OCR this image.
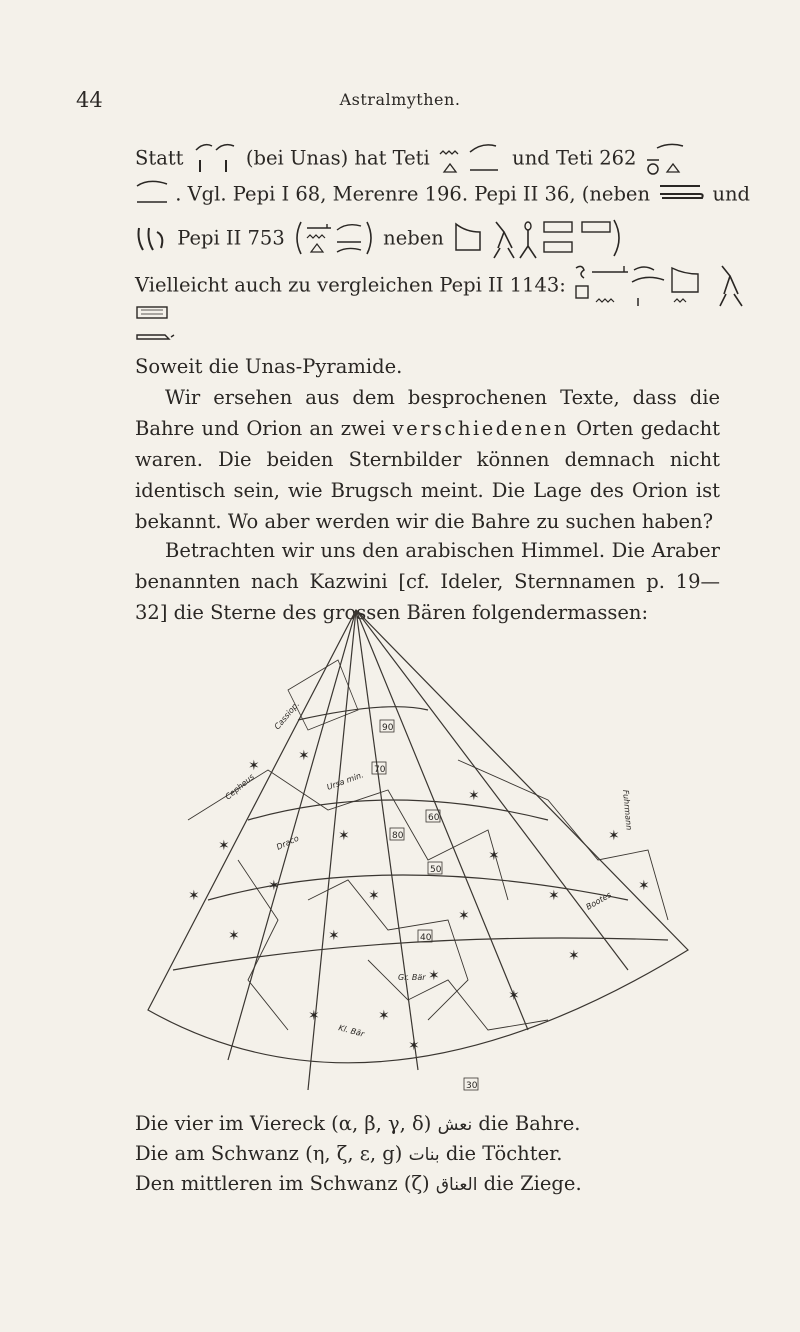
44	Astralmythen.
Statt	(bei Unas) hat Teti	und Teti 262
. Vgl. Pepi I 68, Merenre 196. Pepi II 36, (neben	und
Pepi II 753	neben
Vielleicht auch zu vergleichen Pepi II 1143:
Soweit die Unas-Pyramide.
Wir ersehen aus dem besprochenen Texte, dass die Bahre und Orion an zwei verschiedenen Orten gedacht waren. Die beiden Sternbilder können demnach nicht identisch sein, wie Brugsch meint. Die Lage des Orion ist bekannt. Wo aber werden wir die Bahre zu suchen haben?
Betrachten wir uns den arabischen Himmel. Die Araber benannten nach Kazwini [cf. Ideler, Sternnamen p. 19—32] die Sterne des grossen Bären folgendermassen:
90
80
70
60
50
40
30
Cassiop.
Cepheus
Draco
Ursa min.
Kl. Bär
Gr. Bär
Fuhrmann
Bootes
✶
✶
✶
✶
✶
✶
✶
✶
✶
✶
✶
✶
✶
✶
✶
✶
✶
✶
✶
✶
✶
Die vier im Viereck (α, β, γ, δ) نعش die Bahre.
Die am Schwanz (η, ζ, ε, g) بنات die Töchter.
Den mittleren im Schwanz (ζ) العناق die Ziege.
